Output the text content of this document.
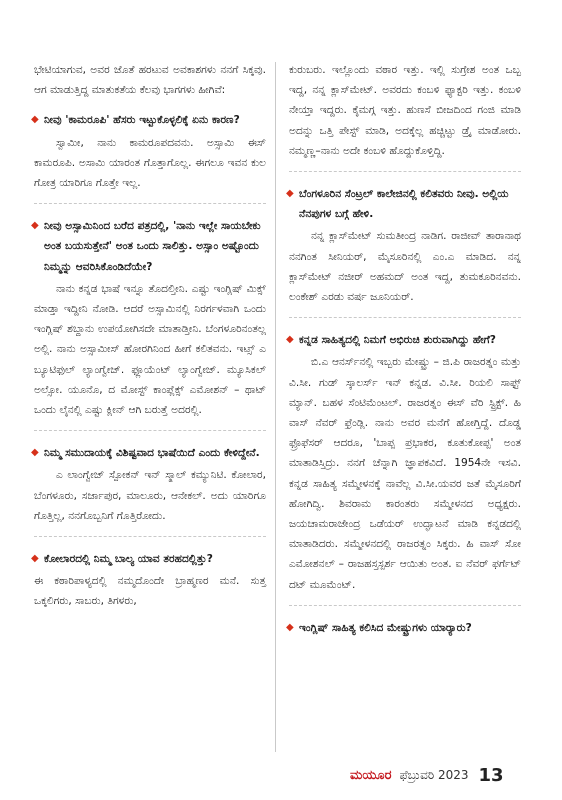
ಭೇಟಿಯಾಗುವ, ಅವರ ಜೊತೆ ಹರಟುವ ಅವಕಾಶಗಳು ನನಗೆ ಸಿಕ್ಕವು. ಆಗ ಮಾಡುತ್ತಿದ್ದ ಮಾತುಕತೆಯ ಕೆಲವು ಭಾಗಗಳು ಹೀಗಿವೆ:

◆ ನೀವು 'ಕಾಮರೂಪಿ' ಹೆಸರು ಇಟ್ಟುಕೊಳ್ಳಲಿಕ್ಕೆ ಏನು ಕಾರಣ?

ಸ್ವಾಮೀ, ನಾನು ಕಾಮರೂಪದವನು. ಅಸ್ಸಾಮಿ ಈಸ್ ಕಾಮರೂಪಿ. ಅಸಾಮಿ ಯಾರಂತ ಗೊತ್ತಾಗೊಲ್ಲ. ಈಗಲೂ ಇವನ ಕುಲ ಗೋತ್ರ ಯಾರಿಗೂ ಗೊತ್ತೇ ಇಲ್ಲ.

◆ ನೀವು ಅಸ್ಸಾಮಿನಿಂದ ಬರೆದ ಪತ್ರದಲ್ಲಿ, 'ನಾನು ಇಲ್ಲೇ ಸಾಯಬೇಕು ಅಂತ ಬಯಸುತ್ತೇನೆ' ಅಂತ ಒಂದು ಸಾಲಿತ್ತು. ಅಸ್ಸಾಂ ಅಷ್ಟೊಂದು ನಿಮ್ಮನ್ನು ಆವರಿಸಿಕೊಂಡಿದೆಯೇ?

ನಾನು ಕನ್ನಡ ಭಾಷೆ ಇನ್ನೂ ತೊದಲ್ತೀನಿ. ಎಷ್ಟು ಇಂಗ್ಲಿಷ್ ಮಿಕ್ಸ್ ಮಾಡ್ತಾ ಇದ್ದೀನಿ ನೋಡಿ. ಆದರೆ ಅಸ್ಸಾಮಿನಲ್ಲಿ ನಿರರ್ಗಳವಾಗಿ ಒಂದು ಇಂಗ್ಲಿಷ್ ಶಬ್ದಾನು ಉಪಯೋಗಿಸದೇ ಮಾತಾಡ್ತೀನಿ. ಬೆಂಗಳೂರಿನಂತಲ್ಲ ಅಲ್ಲಿ. ನಾನು ಅಸ್ಸಾಮೀಸ್ ಹೋರಗಿನಿಂದ ಹೀಗೆ ಕಲಿತವನು. ಇಟ್ಸ್ ಎ ಬ್ಯೂಟಿಫುಲ್ ಲ್ಯಾಂಗ್ವೇಜ್. ಫ್ಲೂಯೆಂಟ್ ಲ್ಯಾಂಗ್ವೇಜ್. ಮ್ಯೂಸಿಕಲ್ ಅಲ್ಸೋ. ಯೂನೊ, ದ ಮೋಸ್ಟ್ ಕಾಂಪ್ಲೆಕ್ಸ್ ಎಮೋಶನ್ – ಥಾಟ್ ಒಂದು ಲೈನಲ್ಲಿ ಎಷ್ಟು ಕ್ಲೀನ್ ಆಗಿ ಬರುತ್ತೆ ಅದರಲ್ಲಿ.

◆ ನಿಮ್ಮ ಸಮುದಾಯಕ್ಕೆ ವಿಶಿಷ್ಟವಾದ ಭಾಷೆಯಿದೆ ಎಂದು ಕೇಳಿದ್ದೇನೆ.

ಎ ಲಾಂಗ್ವೇಜ್ ಸ್ಪೋಕನ್ ಇನ್ ಸ್ಮಾಲ್ ಕಮ್ಯುನಿಟಿ. ಕೋಲಾರ, ಬೆಂಗಳೂರು, ಸರ್ಜಾಪುರ, ಮಾಲೂರು, ಆನೇಕಲ್. ಅದು ಯಾರಿಗೂ ಗೊತ್ತಿಲ್ಲ, ನನಗೊಬ್ಬನಿಗೆ ಗೊತ್ತಿರೋದು.

◆ ಕೋಲಾರದಲ್ಲಿ ನಿಮ್ಮ ಬಾಲ್ಯ ಯಾವ ತರಹದಲ್ಲಿತ್ತು?

ಈ ಕಠಾರಿಪಾಳ್ಯದಲ್ಲಿ ನಮ್ಮದೊಂದೇ ಬ್ರಾಹ್ಮಣರ ಮನೆ. ಸುತ್ತ ಒಕ್ಕಲಿಗರು, ಸಾಬರು, ತಿಗಳರು,

ಕುರುಬರು. ಇಲ್ಲೊಂದು ವಠಾರ ಇತ್ತು. ಇಲ್ಲಿ ಸುಗ್ರೇಶ ಅಂತ ಒಬ್ಬ ಇದ್ದ, ನನ್ನ ಕ್ಲಾಸ್‌ಮೇಟ್. ಅವರದು ಕಂಬಳಿ ಫ್ಯಾಕ್ಟರಿ ಇತ್ತು. ಕಂಬಳಿ ನೇಯ್ತಾ ಇದ್ದರು. ಕೈಮಗ್ಗ ಇತ್ತು. ಹುಣಸೆ ಬೀಜದಿಂದ ಗಂಜಿ ಮಾಡಿ ಅದನ್ನು ಒತ್ತಿ ಪೇಸ್ಟ್ ಮಾಡಿ, ಅದಕ್ಕೆಲ್ಲ ಹಚ್ಚಿಟ್ಟು ಡ್ರೈ ಮಾಡೋರು. ನಮ್ಮಣ್ಣ–ನಾನು ಅದೇ ಕಂಬಳಿ ಹೊದ್ದುಕೊಳ್ತಿದ್ದಿ.

◆ ಬೆಂಗಳೂರಿನ ಸೆಂಟ್ರಲ್ ಕಾಲೇಜಿನಲ್ಲಿ ಕಲಿತವರು ನೀವು. ಅಲ್ಲಿಯ ನೆನಪುಗಳ ಬಗ್ಗೆ ಹೇಳಿ.

ನನ್ನ ಕ್ಲಾಸ್‌ಮೇಟ್ ಸುಮತೀಂದ್ರ ನಾಡಿಗ. ರಾಜೀವ್ ತಾರಾನಾಥ ನನಗಿಂತ ಸೀನಿಯರ್, ಮೈಸೂರಿನಲ್ಲಿ ಎಂ.ಎ ಮಾಡಿದ. ನನ್ನ ಕ್ಲಾಸ್‌ಮೇಟ್ ನಜೀರ್ ಅಹಮದ್ ಅಂತ ಇದ್ದ, ತುಮಕೂರಿನವನು. ಲಂಕೇಶ್ ಎರಡು ವರ್ಷ ಜೂನಿಯರ್.

◆ ಕನ್ನಡ ಸಾಹಿತ್ಯದಲ್ಲಿ ನಿಮಗೆ ಅಭಿರುಚಿ ಶುರುವಾಗಿದ್ದು ಹೇಗೆ?

ಬಿ.ಎ ಆನರ್ಸ್‌ನಲ್ಲಿ ಇಬ್ಬರು ಮೇಷ್ಟ್ರು – ಜಿ.ಪಿ ರಾಜರತ್ನಂ ಮತ್ತು ವಿ.ಸೀ. ಗುಡ್ ಸ್ಕಾಲರ್ಸ್ ಇನ್ ಕನ್ನಡ. ವಿ.ಸೀ. ರಿಯಲಿ ಸಾಫ್ಟ್ ಮ್ಯಾನ್. ಬಹಳ ಸೆಂಟಿಮೆಂಟಲ್. ರಾಜರತ್ನಂ ಈಸ್ ವೆರಿ ಸ್ಟ್ರಿಕ್ಟ್. ಹಿ ವಾಸ್ ನೆವರ್ ಫ್ರೆಂಡ್ಲಿ. ನಾನು ಅವರ ಮನೆಗೆ ಹೋಗ್ತಿದ್ದೆ. ದೊಡ್ಡ ಫ್ರೊಫೆಸರ್ ಆದರೂ, 'ಬಾಪ್ಪ ಪ್ರಭಾಕರ, ಕೂತುಕೋಪ್ಪ' ಅಂತ ಮಾತಾಡಿಸ್ತಿದ್ರು. ನನಗೆ ಚೆನ್ನಾಗಿ ಜ್ಞಾಪಕವಿದೆ. 1954ನೇ ಇಸವಿ. ಕನ್ನಡ ಸಾಹಿತ್ಯ ಸಮ್ಮೇಳನಕ್ಕೆ ನಾವೆಲ್ಲ ವಿ.ಸೀ.ಯವರ ಜತೆ ಮೈಸೂರಿಗೆ ಹೋಗಿದ್ವಿ. ಶಿವರಾಮ ಕಾರಂತರು ಸಮ್ಮೇಳನದ ಅಧ್ಯಕ್ಷರು. ಜಯಚಾಮರಾಜೇಂದ್ರ ಒಡೆಯರ್ ಉದ್ಘಾಟನೆ ಮಾಡಿ ಕನ್ನಡದಲ್ಲಿ ಮಾತಾಡಿದರು. ಸಮ್ಮೇಳನದಲ್ಲಿ ರಾಜರತ್ನಂ ಸಿಕ್ಕರು. ಹಿ ವಾಸ್ ಸೋ ಎಮೋಶನಲ್ – ರಾಜಹಸ್ತಸ್ಪರ್ಶ ಆಯಿತು ಅಂತ. ಐ ನೆವರ್ ಫರ್ಗೆಟ್ ದಟ್ ಮೂಮೆಂಟ್.

◆ ಇಂಗ್ಲಿಷ್ ಸಾಹಿತ್ಯ ಕಲಿಸಿದ ಮೇಷ್ಟ್ರುಗಳು ಯಾರ್‍ಯಾರು?
ಮಯೂರ ಫೆಬ್ರುವರಿ 2023 13
